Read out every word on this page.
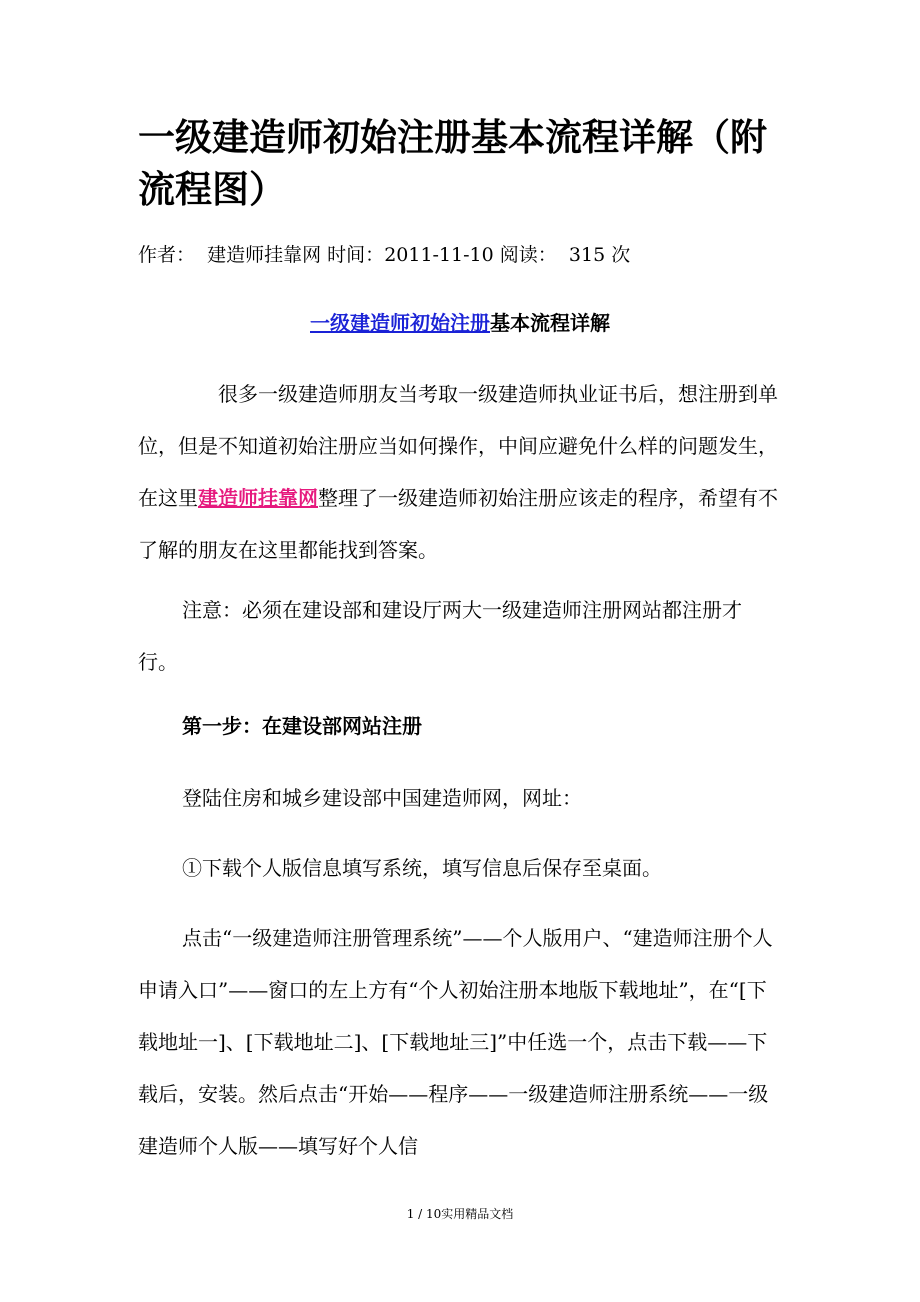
一级建造师初始注册基本流程详解（附流程图）
作者： 建造师挂靠网 时间：2011-11-10 阅读： 315 次
一级建造师初始注册基本流程详解

很多一级建造师朋友当考取一级建造师执业证书后，想注册到单位，但是不知道初始注册应当如何操作，中间应避免什么样的问题发生，在这里建造师挂靠网整理了一级建造师初始注册应该走的程序，希望有不了解的朋友在这里都能找到答案。

注意：必须在建设部和建设厅两大一级建造师注册网站都注册才行。

第一步：在建设部网站注册

登陆住房和城乡建设部中国建造师网，网址：

①下载个人版信息填写系统，填写信息后保存至桌面。

点击“一级建造师注册管理系统”——个人版用户、“建造师注册个人申请入口”——窗口的左上方有“个人初始注册本地版下载地址”，在“[下载地址一]、[下载地址二]、[下载地址三]”中任选一个，点击下载——下载后，安装。然后点击“开始——程序——一级建造师注册系统——一级建造师个人版——填写好个人信

1 / 10实用精品文档
